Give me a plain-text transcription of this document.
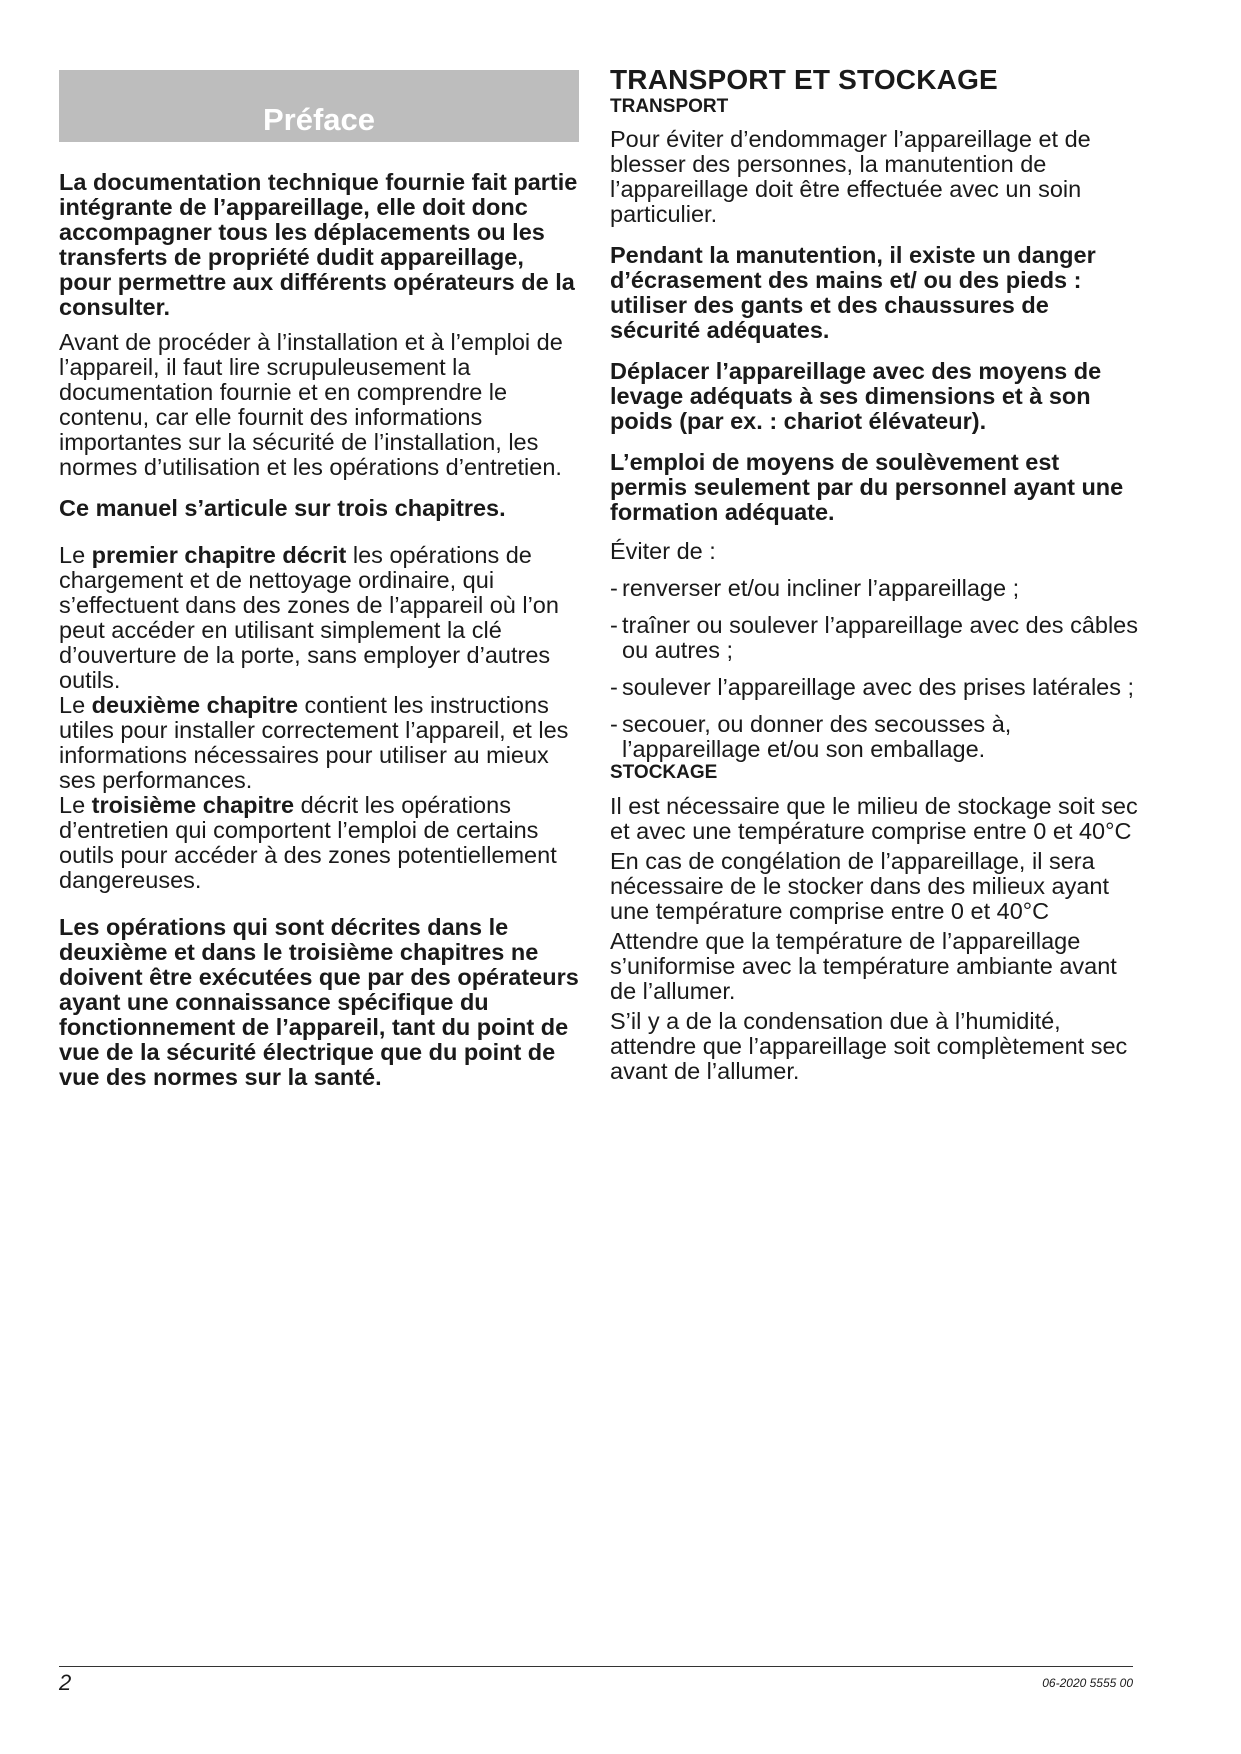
Préface

La documentation technique fournie fait partie intégrante de l’appareillage, elle doit donc accompagner tous les déplacements ou les transferts de propriété dudit appareillage, pour permettre aux différents opérateurs de la consulter.

Avant de procéder à l’installation et à l’emploi de l’appareil, il faut lire scrupuleusement la documentation fournie et en comprendre le contenu, car elle fournit des informations importantes sur la sécurité de l’installation, les normes d’utilisation et les opérations d’entretien.

Ce manuel s’articule sur trois chapitres.

Le premier chapitre décrit les opérations de chargement et de nettoyage ordinaire, qui s’effectuent dans des zones de l’appareil où l’on peut accéder en utilisant simplement la clé d’ouverture de la porte, sans employer d’autres outils.

Le deuxième chapitre contient les instructions utiles pour installer correctement l’appareil, et les informations nécessaires pour utiliser au mieux ses performances.

Le troisième chapitre décrit les opérations d’entretien qui comportent l’emploi de certains outils pour accéder à des zones potentiellement dangereuses.

Les opérations qui sont décrites dans le deuxième et dans le troisième chapitres ne doivent être exécutées que par des opérateurs ayant une connaissance spécifique du fonctionnement de l’appareil, tant du point de vue de la sécurité électrique que du point de vue des normes sur la santé.

TRANSPORT ET STOCKAGE
TRANSPORT

Pour éviter d’endommager l’appareillage et de blesser des personnes, la manutention de l’appareillage doit être effectuée avec un soin particulier.

Pendant la manutention, il existe un danger d’écrasement des mains et/ ou des pieds : utiliser des gants et des chaussures de sécurité adéquates.

Déplacer l’appareillage avec des moyens de levage adéquats à ses dimensions et à son poids (par ex. : chariot élévateur).

L’emploi de moyens de soulèvement est permis seulement par du personnel ayant une formation adéquate.

Éviter de :

- renverser et/ou incliner l’appareillage ;
- traîner ou soulever l’appareillage avec des câbles ou autres ;
- soulever l’appareillage avec des prises latérales ;
- secouer, ou donner des secousses à, l’appareillage et/ou son emballage.
STOCKAGE

Il est nécessaire que le milieu de stockage soit sec et avec une température comprise entre 0 et 40°C

En cas de congélation de l’appareillage, il sera nécessaire de le stocker dans des milieux ayant une température comprise entre 0 et 40°C

Attendre que la température de l’appareillage s’uniformise avec la température ambiante avant de l’allumer.

S’il y a de la condensation due à l’humidité, attendre que l’appareillage soit complètement sec avant de l’allumer.

2	06-2020 5555 00
